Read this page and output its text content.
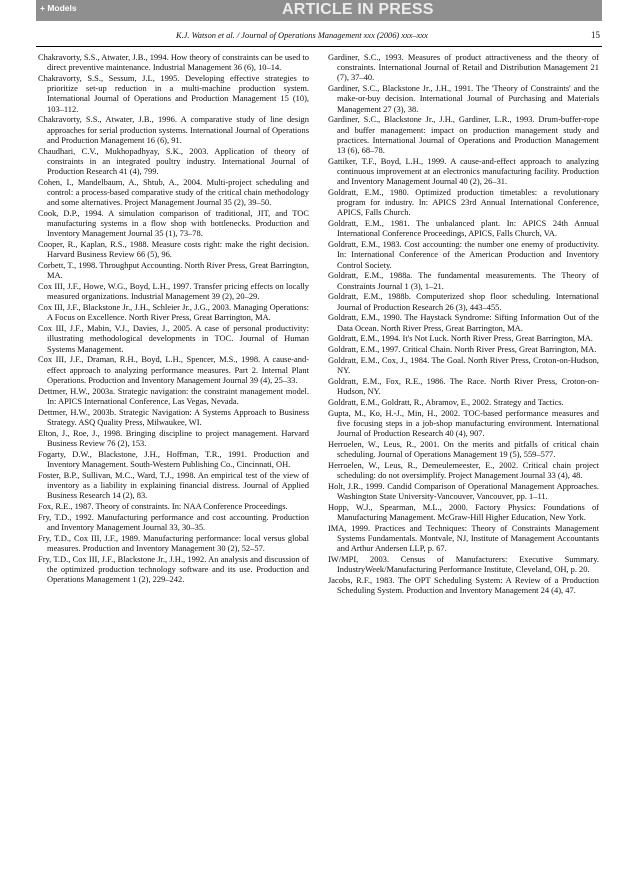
+ Models	ARTICLE IN PRESS
K.J. Watson et al. / Journal of Operations Management xxx (2006) xxx–xxx	15

Chakravorty, S.S., Atwater, J.B., 1994. How theory of constraints can be used to direct preventive maintenance. Industrial Management 36 (6), 10–14.

Chakravorty, S.S., Sessum, J.L, 1995. Developing effective strategies to prioritize set-up reduction in a multi-machine production system. International Journal of Operations and Production Management 15 (10), 103–112.

Chakravorty, S.S., Atwater, J.B., 1996. A comparative study of line design approaches for serial production systems. International Journal of Operations and Production Management 16 (6), 91.

Chaudhari, C.V., Mukhopadhyay, S.K., 2003. Application of theory of constraints in an integrated poultry industry. International Journal of Production Research 41 (4), 799.

Cohen, I., Mandelbaum, A., Shtub, A., 2004. Multi-project scheduling and control: a process-based comparative study of the critical chain methodology and some alternatives. Project Management Journal 35 (2), 39–50.

Cook, D.P., 1994. A simulation comparison of traditional, JIT, and TOC manufacturing systems in a flow shop with bottlenecks. Production and Inventory Management Journal 35 (1), 73–78.

Cooper, R., Kaplan, R.S., 1988. Measure costs right: make the right decision. Harvard Business Review 66 (5), 96.

Corbett, T., 1998. Throughput Accounting. North River Press, Great Barrington, MA.

Cox III, J.F., Howe, W.G., Boyd, L.H., 1997. Transfer pricing effects on locally measured organizations. Industrial Management 39 (2), 20–29.

Cox III, J.F., Blackstone Jr., J.H., Schleier Jr., J.G., 2003. Managing Operations: A Focus on Excellence. North River Press, Great Barrington, MA.

Cox III, J.F., Mabin, V.J., Davies, J., 2005. A case of personal productivity: illustrating methodological developments in TOC. Journal of Human Systems Management.

Cox III, J.F., Draman, R.H., Boyd, L.H., Spencer, M.S., 1998. A cause-and-effect approach to analyzing performance measures. Part 2. Internal Plant Operations. Production and Inventory Management Journal 39 (4), 25–33.

Dettmer, H.W., 2003a. Strategic navigation: the constraint management model. In: APICS International Conference, Las Vegas, Nevada.

Dettmer, H.W., 2003b. Strategic Navigation: A Systems Approach to Business Strategy. ASQ Quality Press, Milwaukee, WI.

Elton, J., Roe, J., 1998. Bringing discipline to project management. Harvard Business Review 76 (2), 153.

Fogarty, D.W., Blackstone, J.H., Hoffman, T.R., 1991. Production and Inventory Management. South-Western Publishing Co., Cincinnati, OH.

Foster, B.P., Sullivan, M.C., Ward, T.J., 1998. An empirical test of the view of inventory as a liability in explaining financial distress. Journal of Applied Business Research 14 (2), 83.

Fox, R.E., 1987. Theory of constraints. In: NAA Conference Proceedings.

Fry, T.D., 1992. Manufacturing performance and cost accounting. Production and Inventory Management Journal 33, 30–35.

Fry, T.D., Cox III, J.F., 1989. Manufacturing performance: local versus global measures. Production and Inventory Management 30 (2), 52–57.

Fry, T.D., Cox III, J.F., Blackstone Jr., J.H., 1992. An analysis and discussion of the optimized production technology software and its use. Production and Operations Management 1 (2), 229–242.

Gardiner, S.C., 1993. Measures of product attractiveness and the theory of constraints. International Journal of Retail and Distribution Management 21 (7), 37–40.

Gardiner, S.C., Blackstone Jr., J.H., 1991. The 'Theory of Constraints' and the make-or-buy decision. International Journal of Purchasing and Materials Management 27 (3), 38.

Gardiner, S.C., Blackstone Jr., J.H., Gardiner, L.R., 1993. Drum-buffer-rope and buffer management: impact on production management study and practices. International Journal of Operations and Production Management 13 (6), 68–78.

Gattiker, T.F., Boyd, L.H., 1999. A cause-and-effect approach to analyzing continuous improvement at an electronics manufacturing facility. Production and Inventory Management Journal 40 (2), 26–31.

Goldratt, E.M., 1980. Optimized production timetables: a revolutionary program for industry. In: APICS 23rd Annual International Conference, APICS, Falls Church.

Goldratt, E.M., 1981. The unbalanced plant. In: APICS 24th Annual International Conference Proceedings, APICS, Falls Church, VA.

Goldratt, E.M., 1983. Cost accounting: the number one enemy of productivity. In: International Conference of the American Production and Inventory Control Society.

Goldratt, E.M., 1988a. The fundamental measurements. The Theory of Constraints Journal 1 (3), 1–21.

Goldratt, E.M., 1988b. Computerized shop floor scheduling. International Journal of Production Research 26 (3), 443–455.

Goldratt, E.M., 1990. The Haystack Syndrome: Sifting Information Out of the Data Ocean. North River Press, Great Barrington, MA.

Goldratt, E.M., 1994. It's Not Luck. North River Press, Great Barrington, MA.

Goldratt, E.M., 1997. Critical Chain. North River Press, Great Barrington, MA.

Goldratt, E.M., Cox, J., 1984. The Goal. North River Press, Croton-on-Hudson, NY.

Goldratt, E.M., Fox, R.E., 1986. The Race. North River Press, Croton-on-Hudson, NY.

Goldratt, E.M., Goldratt, R., Abramov, E., 2002. Strategy and Tactics.

Gupta, M., Ko, H.-J., Min, H., 2002. TOC-based performance measures and five focusing steps in a job-shop manufacturing environment. International Journal of Production Research 40 (4), 907.

Herroelen, W., Leus, R., 2001. On the merits and pitfalls of critical chain scheduling. Journal of Operations Management 19 (5), 559–577.

Herroelen, W., Leus, R., Demeulemeester, E., 2002. Critical chain project scheduling: do not oversimplify. Project Management Journal 33 (4), 48.

Holt, J.R., 1999. Candid Comparison of Operational Management Approaches. Washington State University-Vancouver, Vancouver, pp. 1–11.

Hopp, W.J., Spearman, M.L., 2000. Factory Physics: Foundations of Manufacturing Management. McGraw-Hill Higher Education, New York.

IMA, 1999. Practices and Techniques: Theory of Constraints Management Systems Fundamentals. Montvale, NJ, Institute of Management Accountants and Arthur Andersen LLP, p. 67.

IW/MPI, 2003. Census of Manufacturers: Executive Summary. IndustryWeek/Manufacturing Performance Institute, Cleveland, OH, p. 20.

Jacobs, R.F., 1983. The OPT Scheduling System: A Review of a Production Scheduling System. Production and Inventory Management 24 (4), 47.
